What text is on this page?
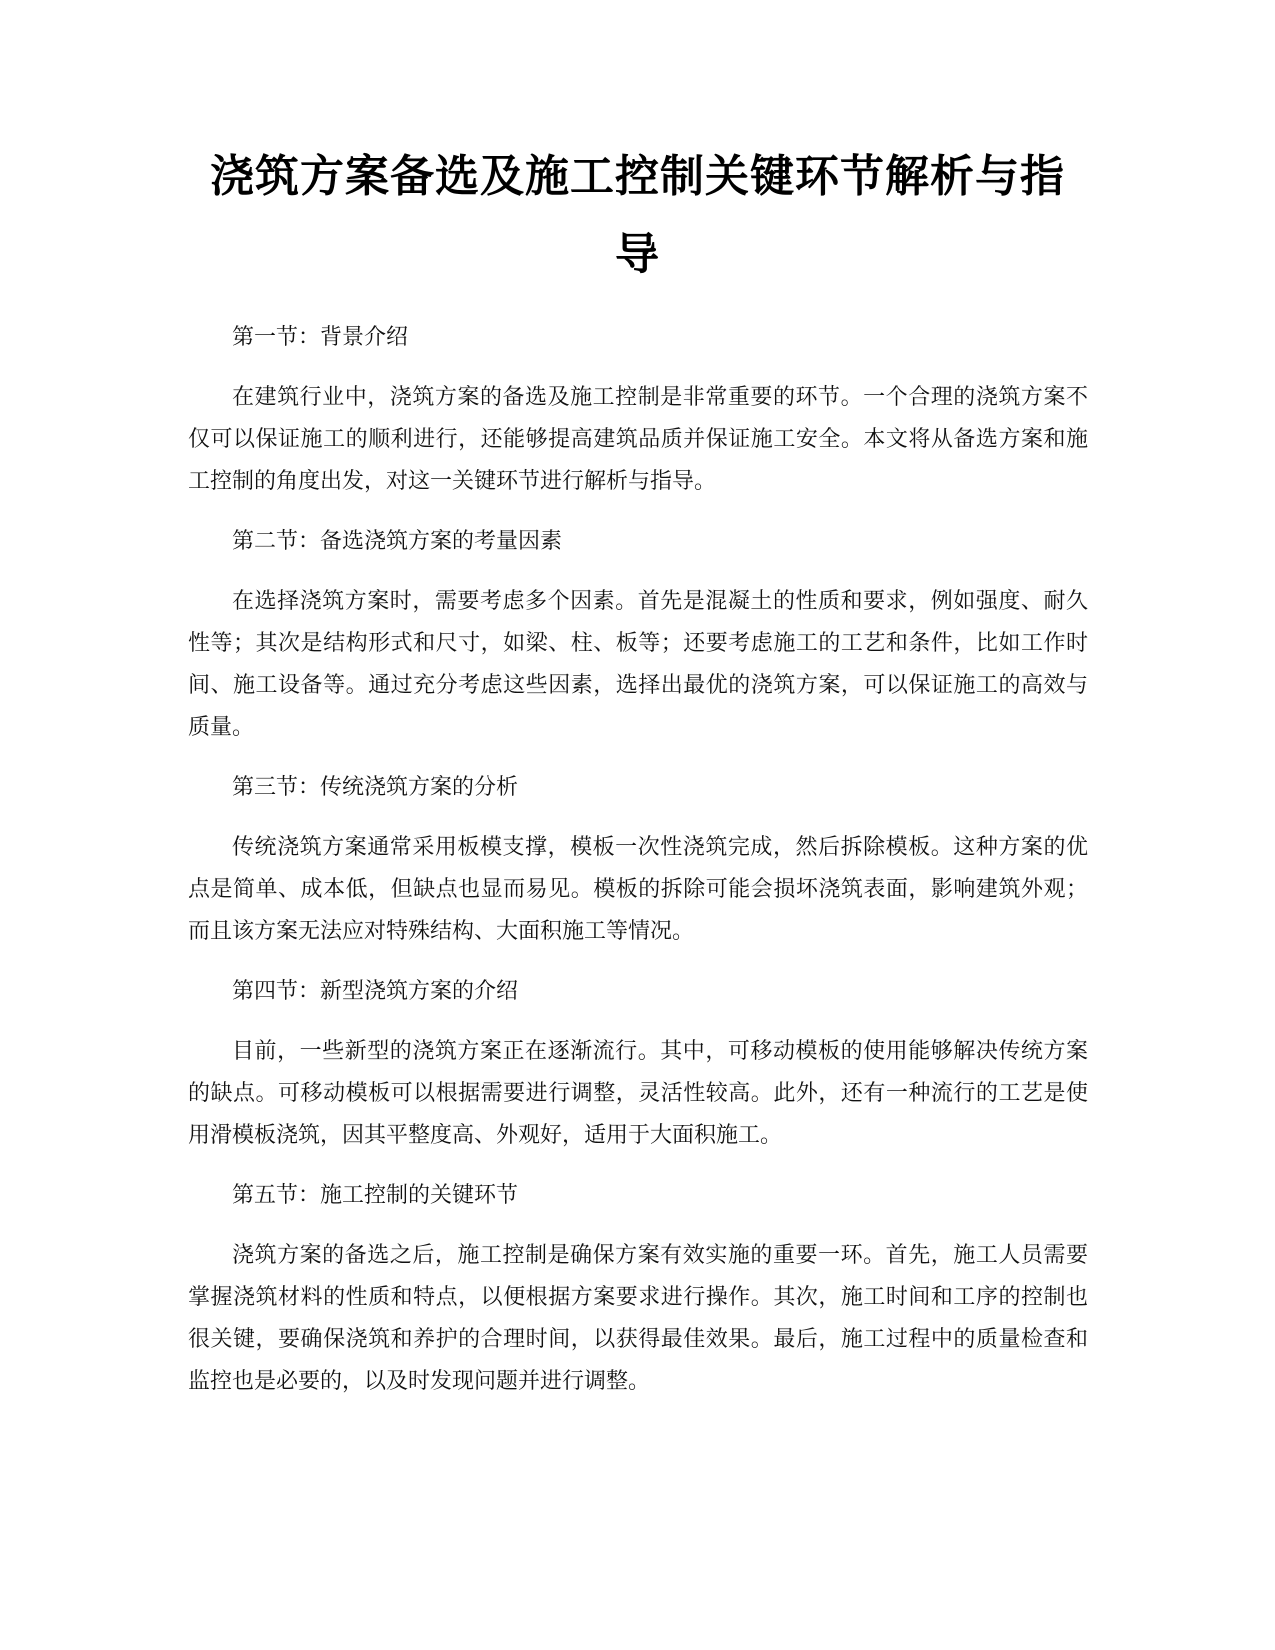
浇筑方案备选及施工控制关键环节解析与指导

第一节：背景介绍

在建筑行业中，浇筑方案的备选及施工控制是非常重要的环节。一个合理的浇筑方案不仅可以保证施工的顺利进行，还能够提高建筑品质并保证施工安全。本文将从备选方案和施工控制的角度出发，对这一关键环节进行解析与指导。

第二节：备选浇筑方案的考量因素

在选择浇筑方案时，需要考虑多个因素。首先是混凝土的性质和要求，例如强度、耐久性等；其次是结构形式和尺寸，如梁、柱、板等；还要考虑施工的工艺和条件，比如工作时间、施工设备等。通过充分考虑这些因素，选择出最优的浇筑方案，可以保证施工的高效与质量。

第三节：传统浇筑方案的分析

传统浇筑方案通常采用板模支撑，模板一次性浇筑完成，然后拆除模板。这种方案的优点是简单、成本低，但缺点也显而易见。模板的拆除可能会损坏浇筑表面，影响建筑外观；而且该方案无法应对特殊结构、大面积施工等情况。

第四节：新型浇筑方案的介绍

目前，一些新型的浇筑方案正在逐渐流行。其中，可移动模板的使用能够解决传统方案的缺点。可移动模板可以根据需要进行调整，灵活性较高。此外，还有一种流行的工艺是使用滑模板浇筑，因其平整度高、外观好，适用于大面积施工。

第五节：施工控制的关键环节

浇筑方案的备选之后，施工控制是确保方案有效实施的重要一环。首先，施工人员需要掌握浇筑材料的性质和特点，以便根据方案要求进行操作。其次，施工时间和工序的控制也很关键，要确保浇筑和养护的合理时间，以获得最佳效果。最后，施工过程中的质量检查和监控也是必要的，以及时发现问题并进行调整。
